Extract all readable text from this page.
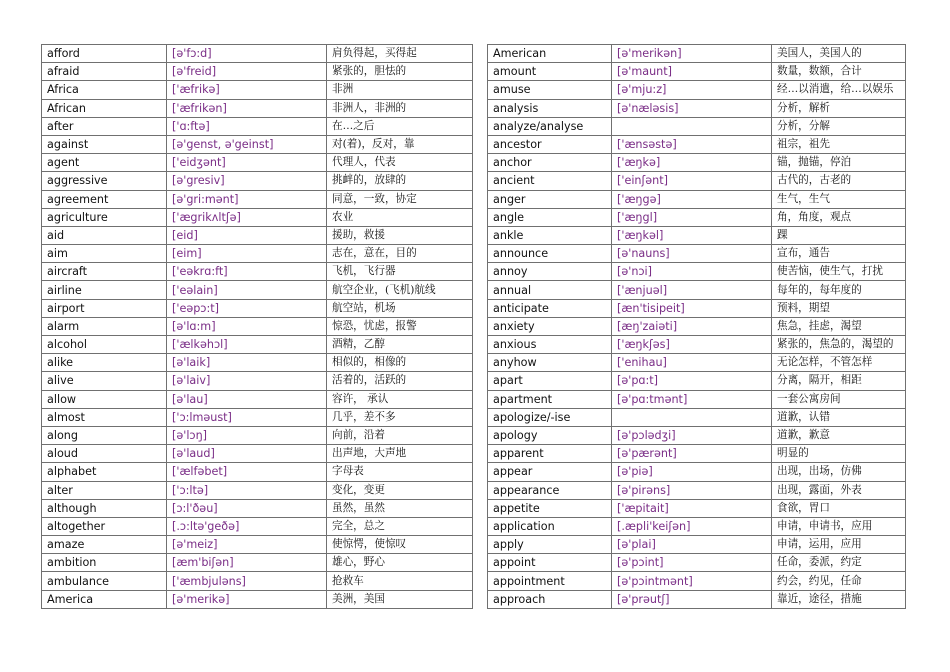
afford	[ə'fɔ:d]	肩负得起，买得起
afraid	[ə'freid]	紧张的，胆怯的
Africa	['æfrikə]	非洲
African	['æfrikən]	非洲人，非洲的
after	['ɑ:ftə]	在…之后
against	[ə'genst, ə'geinst]	对(着)，反对，靠
agent	['eidʒənt]	代理人，代表
aggressive	[ə'gresiv]	挑衅的，放肆的
agreement	[ə'gri:mənt]	同意，一致，协定
agriculture	['ægrikʌltʃə]	农业
aid	[eid]	援助，救援
aim	[eim]	志在，意在，目的
aircraft	['eəkrɑ:ft]	飞机，飞行器
airline	['eəlain]	航空企业，(飞机)航线
airport	['eəpɔ:t]	航空站，机场
alarm	[ə'lɑ:m]	惊恐，忧虑，报警
alcohol	['ælkəhɔl]	酒精，乙醇
alike	[ə'laik]	相似的，相像的
alive	[ə'laiv]	活着的，活跃的
allow	[ə'lau]	容许， 承认
almost	['ɔ:lməust]	几乎，差不多
along	[ə'lɔŋ]	向前，沿着
aloud	[ə'laud]	出声地，大声地
alphabet	['ælfəbet]	字母表
alter	['ɔ:ltə]	变化，变更
although	[ɔ:l'ðəu]	虽然，虽然
altogether	[.ɔ:ltə'geðə]	完全，总之
amaze	[ə'meiz]	使惊愕，使惊叹
ambition	[æm'biʃən]	雄心，野心
ambulance	['æmbjuləns]	抢救车
America	[ə'merikə]	美洲，美国
American	[ə'merikən]	美国人，美国人的
amount	[ə'maunt]	数量，数额，合计
amuse	[ə'mju:z]	经…以消遣，给…以娱乐
analysis	[ə'næləsis]	分析，解析
analyze/analyse		分析，分解
ancestor	['ænsəstə]	祖宗，祖先
anchor	['æŋkə]	锚，抛锚，停泊
ancient	['einʃənt]	古代的，古老的
anger	['æŋgə]	生气，生气
angle	['æŋgl]	角，角度，观点
ankle	['æŋkəl]	踝
announce	[ə'nauns]	宣布，通告
annoy	[ə'nɔi]	使苦恼，使生气，打扰
annual	['ænjuəl]	每年的，每年度的
anticipate	[æn'tisipeit]	预料，期望
anxiety	[æŋ'zaiəti]	焦急，挂虑，渴望
anxious	['æŋkʃəs]	紧张的，焦急的，渴望的
anyhow	['enihau]	无论怎样，不管怎样
apart	[ə'pɑ:t]	分离，隔开，相距
apartment	[ə'pɑ:tmənt]	一套公寓房间
apologize/-ise		道歉，认错
apology	[ə'pɔlədʒi]	道歉，歉意
apparent	[ə'pærənt]	明显的
appear	[ə'piə]	出现，出场，仿佛
appearance	[ə'pirəns]	出现，露面，外表
appetite	['æpitait]	食欲，胃口
application	[.æpli'keiʃən]	申请，申请书，应用
apply	[ə'plai]	申请，运用，应用
appoint	[ə'pɔint]	任命，委派，约定
appointment	[ə'pɔintmənt]	约会，约见，任命
approach	[ə'prəutʃ]	靠近，途径，措施
